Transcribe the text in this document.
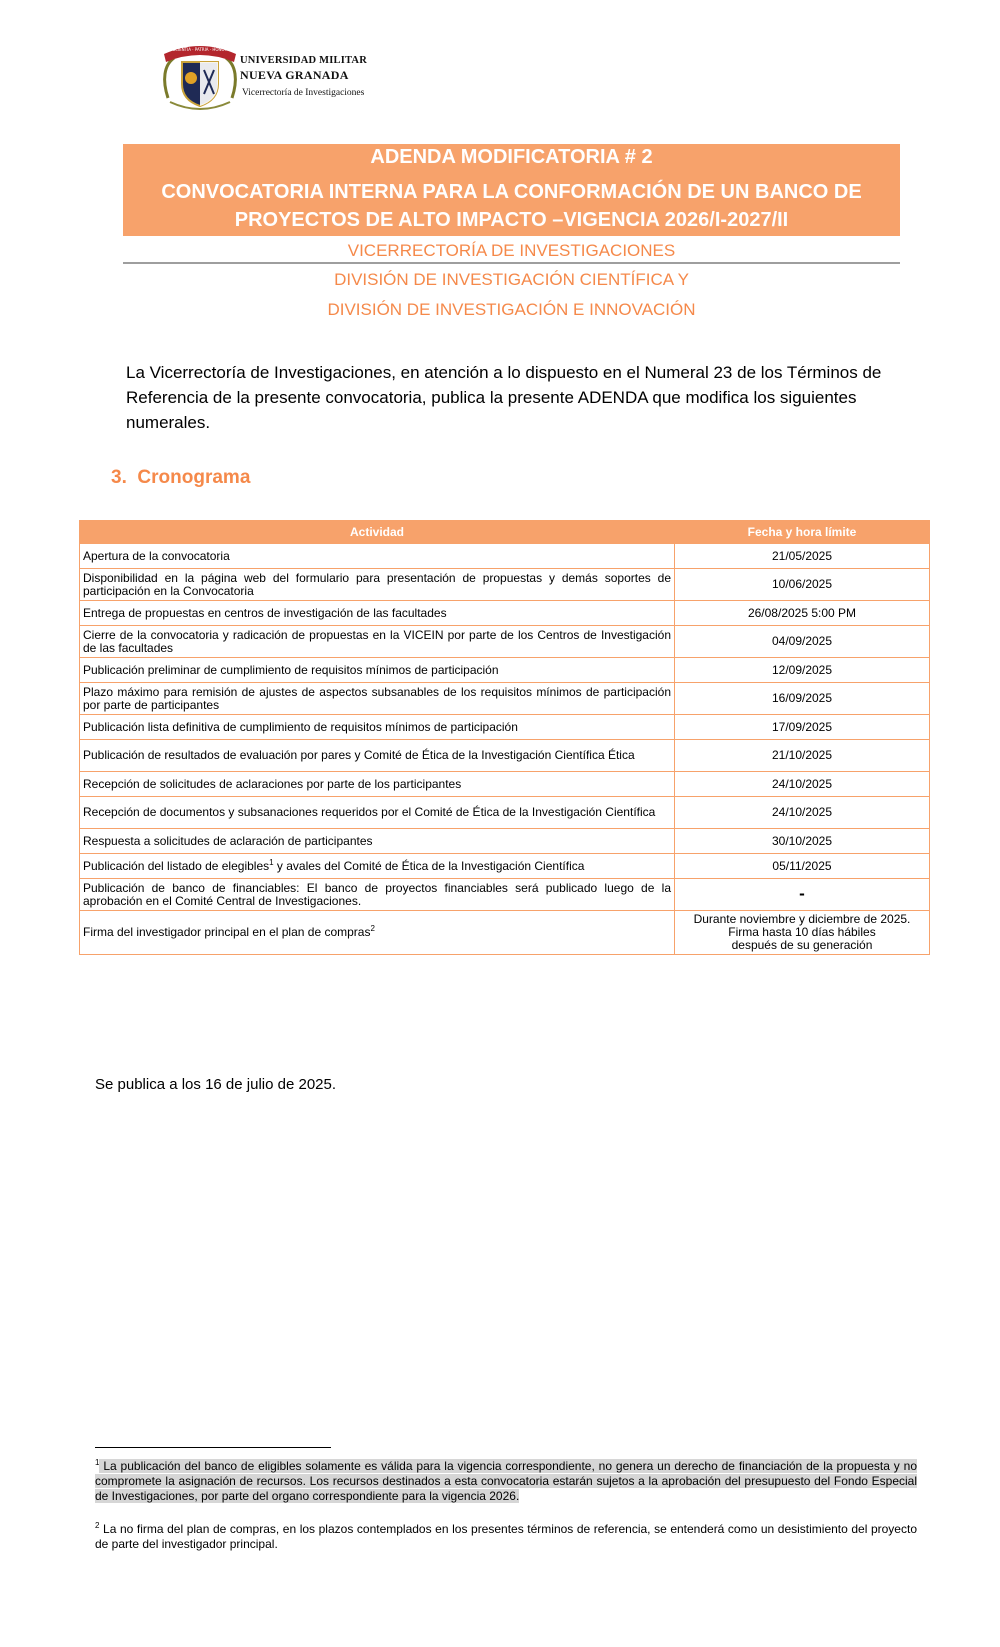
SCIENTIA · PATRIA · HONOR
UNIVERSIDAD MILITAR
NUEVA GRANADA
Vicerrectoría de Investigaciones
ADENDA MODIFICATORIA # 2
CONVOCATORIA INTERNA PARA LA CONFORMACIÓN DE UN BANCO DE PROYECTOS DE ALTO IMPACTO –VIGENCIA 2026/I-2027/II
VICERRECTORÍA DE INVESTIGACIONES
DIVISIÓN DE INVESTIGACIÓN CIENTÍFICA Y
DIVISIÓN DE INVESTIGACIÓN E INNOVACIÓN
La Vicerrectoría de Investigaciones, en atención a lo dispuesto en el Numeral 23 de los Términos de Referencia de la presente convocatoria, publica la presente ADENDA que modifica los siguientes numerales.
3. Cronograma
Actividad	Fecha y hora límite
Apertura de la convocatoria	21/05/2025
Disponibilidad en la página web del formulario para presentación de propuestas y demás soportes de participación en la Convocatoria	10/06/2025
Entrega de propuestas en centros de investigación de las facultades	26/08/2025 5:00 PM
Cierre de la convocatoria y radicación de propuestas en la VICEIN por parte de los Centros de Investigación de las facultades	04/09/2025
Publicación preliminar de cumplimiento de requisitos mínimos de participación	12/09/2025
Plazo máximo para remisión de ajustes de aspectos subsanables de los requisitos mínimos de participación por parte de participantes	16/09/2025
Publicación lista definitiva de cumplimiento de requisitos mínimos de participación	17/09/2025
Publicación de resultados de evaluación por pares y Comité de Ética de la Investigación Científica Ética	21/10/2025
Recepción de solicitudes de aclaraciones por parte de los participantes	24/10/2025
Recepción de documentos y subsanaciones requeridos por el Comité de Ética de la Investigación Científica	24/10/2025
Respuesta a solicitudes de aclaración de participantes	30/10/2025
Publicación del listado de elegibles$^1$ y avales del Comité de Ética de la Investigación Científica	05/11/2025
Publicación de banco de financiables: El banco de proyectos financiables será publicado luego de la aprobación en el Comité Central de Investigaciones.	-
Firma del investigador principal en el plan de compras$^2$	Durante noviembre y diciembre de 2025.
Firma hasta 10 días hábiles
después de su generación
Se publica a los 16 de julio de 2025.
$^1$ La publicación del banco de eligibles solamente es válida para la vigencia correspondiente, no genera un derecho de financiación de la propuesta y no compromete la asignación de recursos. Los recursos destinados a esta convocatoria estarán sujetos a la aprobación del presupuesto del Fondo Especial de Investigaciones, por parte del organo correspondiente para la vigencia 2026.
$^2$ La no firma del plan de compras, en los plazos contemplados en los presentes términos de referencia, se entenderá como un desistimiento del proyecto de parte del investigador principal.
